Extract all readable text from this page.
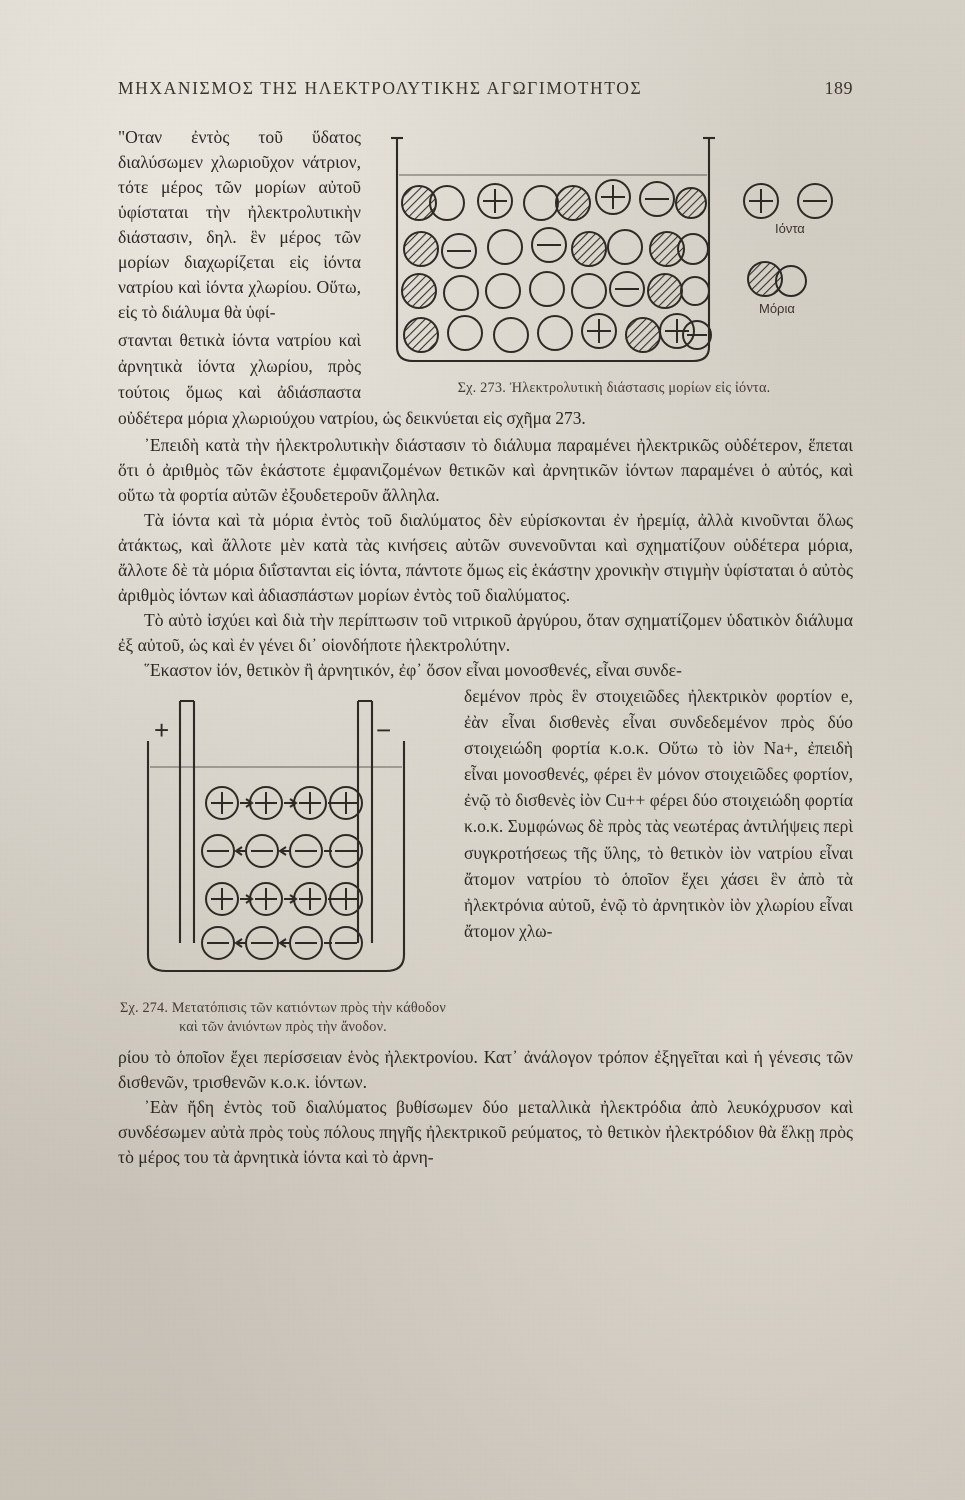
ΜΗΧΑΝΙΣΜΟΣ ΤΗΣ ΗΛΕΚΤΡΟΛΥΤΙΚΗΣ ΑΓΩΓΙΜΟΤΗΤΟΣ	189
Ιόντα
Μόρια
Σχ. 273. Ἠλεκτρολυτικὴ διάστασις μορίων εἰς ἰόντα.

"Οταν ἐντὸς τοῦ ὕδατος διαλύσωμεν χλωριοῦχον νάτριον, τότε μέρος τῶν μορίων αὐτοῦ ὑφίσταται τὴν ἠλεκτρολυτικὴν διάστασιν, δηλ. ἓν μέρος τῶν μορίων διαχωρίζεται εἰς ἰόντα νατρίου καὶ ἰόντα χλωρίου. Οὕτω, εἰς τὸ διάλυμα θὰ ὑφί-

στανται θετικὰ ἰόντα νατρίου καὶ ἀρνητικὰ ἰόντα χλωρίου, πρὸς τούτοις ὅμως καὶ ἀδιάσπαστα οὐδέτερα μόρια χλωριούχου νατρίου, ὡς δεικνύεται εἰς σχῆμα 273.

᾿Επειδὴ κατὰ τὴν ἠλεκτρολυτικὴν διάστασιν τὸ διάλυμα παραμένει ἠλεκτρικῶς οὐδέτερον, ἕπεται ὅτι ὁ ἀριθμὸς τῶν ἑκάστοτε ἐμφανιζομένων θετικῶν καὶ ἀρνητικῶν ἰόντων παραμένει ὁ αὐτός, καὶ οὕτω τὰ φορτία αὐτῶν ἐξουδετεροῦν ἄλληλα.

Τὰ ἰόντα καὶ τὰ μόρια ἐντὸς τοῦ διαλύματος δὲν εὑρίσκονται ἐν ἠρεμίᾳ, ἀλλὰ κινοῦνται ὅλως ἀτάκτως, καὶ ἄλλοτε μὲν κατὰ τὰς κινήσεις αὐτῶν συνενοῦνται καὶ σχηματίζουν οὐδέτερα μόρια, ἄλλοτε δὲ τὰ μόρια διΐστανται εἰς ἰόντα, πάντοτε ὅμως εἰς ἑκάστην χρονικὴν στιγμὴν ὑφίσταται ὁ αὐτὸς ἀριθμὸς ἰόντων καὶ ἀδιασπάστων μορίων ἐντὸς τοῦ διαλύματος.

Τὸ αὐτὸ ἰσχύει καὶ διὰ τὴν περίπτωσιν τοῦ νιτρικοῦ ἀργύρου, ὅταν σχηματίζομεν ὑδατικὸν διάλυμα ἐξ αὐτοῦ, ὡς καὶ ἐν γένει δι᾽ οἱονδήποτε ἠλεκτρολύτην.

῞Εκαστον ἰόν, θετικὸν ἢ ἀρνητικόν, ἐφ᾽ ὅσον εἶναι μονοσθενές, εἶναι συνδε-

+	−
Σχ. 274. Μετατόπισις τῶν κατιόντων πρὸς τὴν κάθοδον καὶ τῶν ἀνιόντων πρὸς τὴν ἄνοδον.

δεμένον πρὸς ἓν στοιχειῶδες ἠλεκτρικὸν φορτίον e, ἐὰν εἶναι δισθενὲς εἶναι συνδεδεμένον πρὸς δύο στοιχειώδη φορτία κ.ο.κ. Οὕτω τὸ ἰὸν Na+, ἐπειδὴ εἶναι μονοσθενές, φέρει ἓν μόνον στοιχειῶδες φορτίον, ἐνῷ τὸ δισθενὲς ἰὸν Cu++ φέρει δύο στοιχειώδη φορτία κ.ο.κ. Συμφώνως δὲ πρὸς τὰς νεωτέρας ἀντιλήψεις περὶ συγκροτήσεως τῆς ὕλης, τὸ θετικὸν ἰὸν νατρίου εἶναι ἄτομον νατρίου τὸ ὁποῖον ἔχει χάσει ἓν ἀπὸ τὰ ἠλεκτρόνια αὐτοῦ, ἐνῷ τὸ ἀρνητικὸν ἰὸν χλωρίου εἶναι ἄτομον χλω-

ρίου τὸ ὁποῖον ἔχει περίσσειαν ἑνὸς ἠλεκτρονίου. Κατ᾽ ἀνάλογον τρόπον ἐξηγεῖται καὶ ἡ γένεσις τῶν δισθενῶν, τρισθενῶν κ.ο.κ. ἰόντων.

᾿Εὰν ἤδη ἐντὸς τοῦ διαλύματος βυθίσωμεν δύο μεταλλικὰ ἠλεκτρόδια ἀπὸ λευκόχρυσον καὶ συνδέσωμεν αὐτὰ πρὸς τοὺς πόλους πηγῆς ἠλεκτρικοῦ ρεύματος, τὸ θετικὸν ἠλεκτρόδιον θὰ ἕλκῃ πρὸς τὸ μέρος του τὰ ἀρνητικὰ ἰόντα καὶ τὸ ἀρνη-
